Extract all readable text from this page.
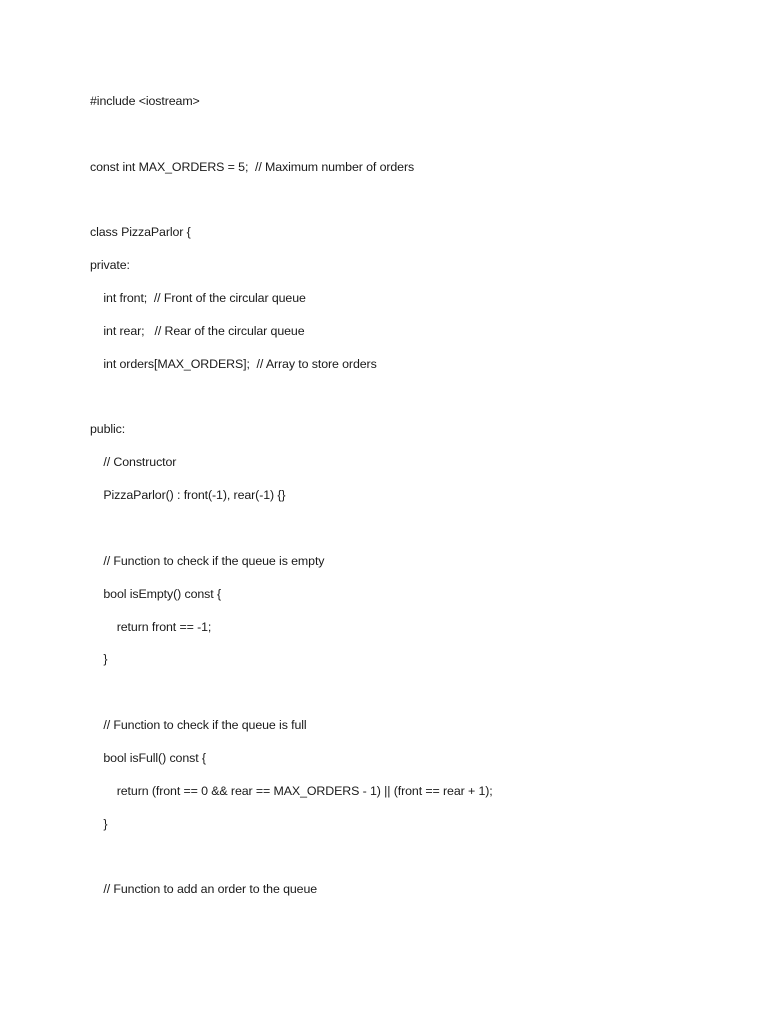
#include <iostream>
const int MAX_ORDERS = 5;  // Maximum number of orders
class PizzaParlor {
private:
int front;  // Front of the circular queue
int rear;   // Rear of the circular queue
int orders[MAX_ORDERS];  // Array to store orders
public:
// Constructor
PizzaParlor() : front(-1), rear(-1) {}
// Function to check if the queue is empty
bool isEmpty() const {
return front == -1;
}
// Function to check if the queue is full
bool isFull() const {
return (front == 0 && rear == MAX_ORDERS - 1) || (front == rear + 1);
}
// Function to add an order to the queue
